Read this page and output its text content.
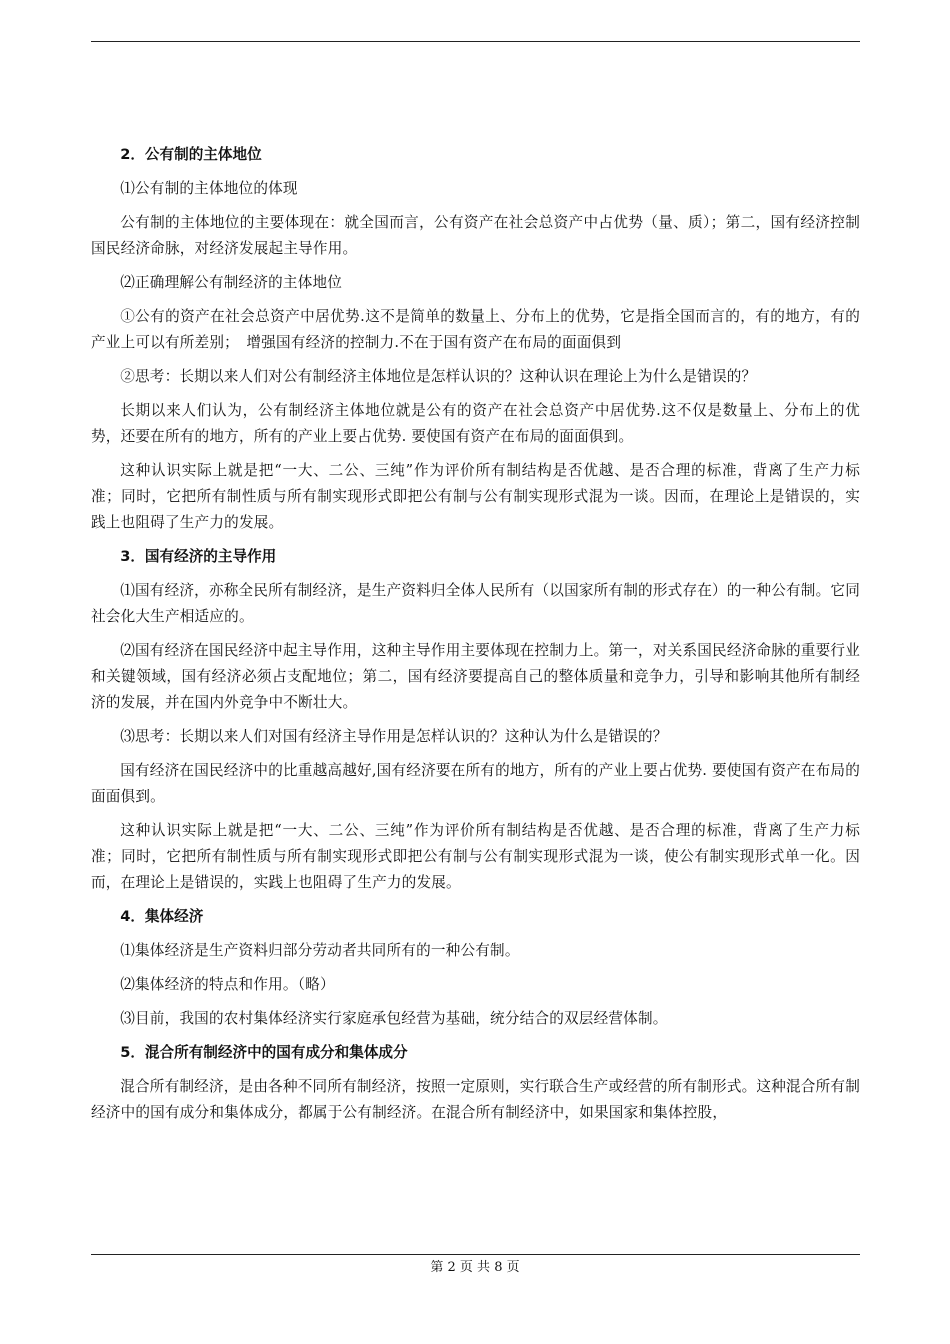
2．公有制的主体地位
⑴公有制的主体地位的体现
公有制的主体地位的主要体现在：就全国而言，公有资产在社会总资产中占优势（量、质）；第二，国有经济控制国民经济命脉，对经济发展起主导作用。
⑵正确理解公有制经济的主体地位
①公有的资产在社会总资产中居优势.这不是简单的数量上、分布上的优势，它是指全国而言的，有的地方，有的产业上可以有所差别；　增强国有经济的控制力.不在于国有资产在布局的面面俱到
②思考：长期以来人们对公有制经济主体地位是怎样认识的？这种认识在理论上为什么是错误的？
长期以来人们认为，公有制经济主体地位就是公有的资产在社会总资产中居优势.这不仅是数量上、分布上的优势，还要在所有的地方，所有的产业上要占优势. 要使国有资产在布局的面面俱到。
这种认识实际上就是把“一大、二公、三纯”作为评价所有制结构是否优越、是否合理的标准，背离了生产力标准；同时，它把所有制性质与所有制实现形式即把公有制与公有制实现形式混为一谈。因而，在理论上是错误的，实践上也阻碍了生产力的发展。
3．国有经济的主导作用
⑴国有经济，亦称全民所有制经济，是生产资料归全体人民所有（以国家所有制的形式存在）的一种公有制。它同社会化大生产相适应的。
⑵国有经济在国民经济中起主导作用，这种主导作用主要体现在控制力上。第一，对关系国民经济命脉的重要行业和关键领域，国有经济必须占支配地位；第二，国有经济要提高自己的整体质量和竞争力，引导和影响其他所有制经济的发展，并在国内外竞争中不断壮大。
⑶思考：长期以来人们对国有经济主导作用是怎样认识的？这种认为什么是错误的？
国有经济在国民经济中的比重越高越好,国有经济要在所有的地方，所有的产业上要占优势. 要使国有资产在布局的面面俱到。
这种认识实际上就是把“一大、二公、三纯”作为评价所有制结构是否优越、是否合理的标准，背离了生产力标准；同时，它把所有制性质与所有制实现形式即把公有制与公有制实现形式混为一谈，使公有制实现形式单一化。因而，在理论上是错误的，实践上也阻碍了生产力的发展。
4．集体经济
⑴集体经济是生产资料归部分劳动者共同所有的一种公有制。
⑵集体经济的特点和作用。（略）
⑶目前，我国的农村集体经济实行家庭承包经营为基础，统分结合的双层经营体制。
5．混合所有制经济中的国有成分和集体成分
混合所有制经济，是由各种不同所有制经济，按照一定原则，实行联合生产或经营的所有制形式。这种混合所有制经济中的国有成分和集体成分，都属于公有制经济。在混合所有制经济中，如果国家和集体控股，
第 2 页 共 8 页
